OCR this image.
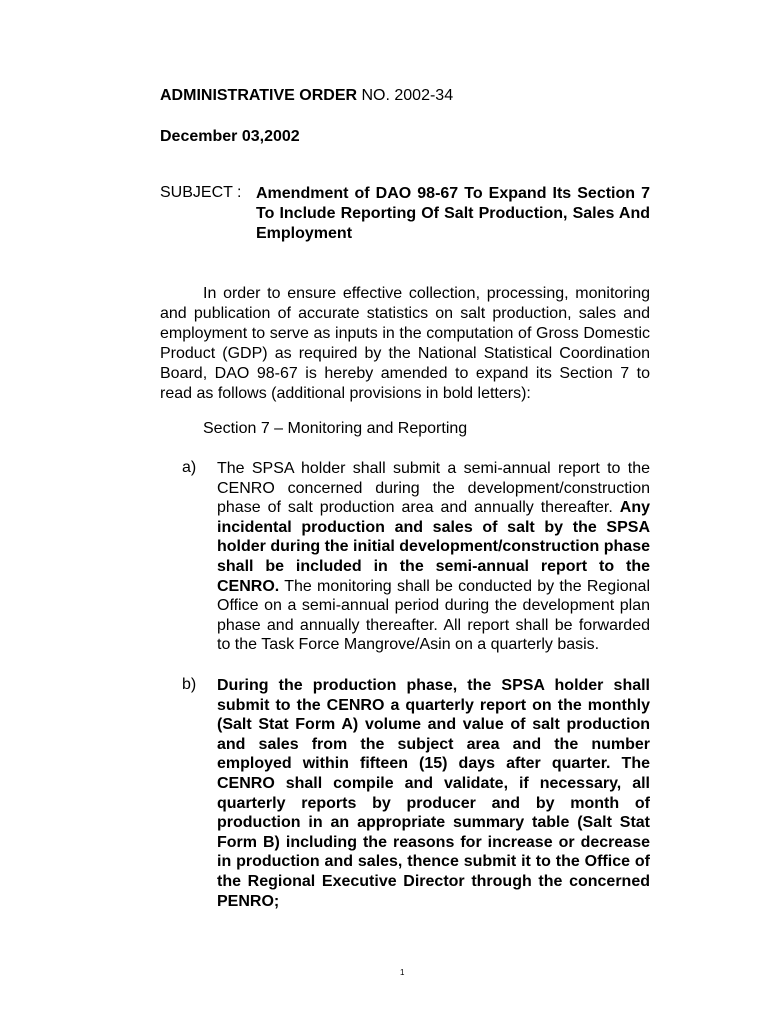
ADMINISTRATIVE ORDER NO. 2002-34

December 03,2002

SUBJECT : Amendment of DAO 98-67 To Expand Its Section 7 To Include Reporting Of Salt Production, Sales And Employment

In order to ensure effective collection, processing, monitoring and publication of accurate statistics on salt production, sales and employment to serve as inputs in the computation of Gross Domestic Product (GDP) as required by the National Statistical Coordination Board, DAO 98-67 is hereby amended to expand its Section 7 to read as follows (additional provisions in bold letters):

Section 7 – Monitoring and Reporting

a) The SPSA holder shall submit a semi-annual report to the CENRO concerned during the development/construction phase of salt production area and annually thereafter. Any incidental production and sales of salt by the SPSA holder during the initial development/construction phase shall be included in the semi-annual report to the CENRO. The monitoring shall be conducted by the Regional Office on a semi-annual period during the development plan phase and annually thereafter. All report shall be forwarded to the Task Force Mangrove/Asin on a quarterly basis.

b) During the production phase, the SPSA holder shall submit to the CENRO a quarterly report on the monthly (Salt Stat Form A) volume and value of salt production and sales from the subject area and the number employed within fifteen (15) days after quarter. The CENRO shall compile and validate, if necessary, all quarterly reports by producer and by month of production in an appropriate summary table (Salt Stat Form B) including the reasons for increase or decrease in production and sales, thence submit it to the Office of the Regional Executive Director through the concerned PENRO;

1
